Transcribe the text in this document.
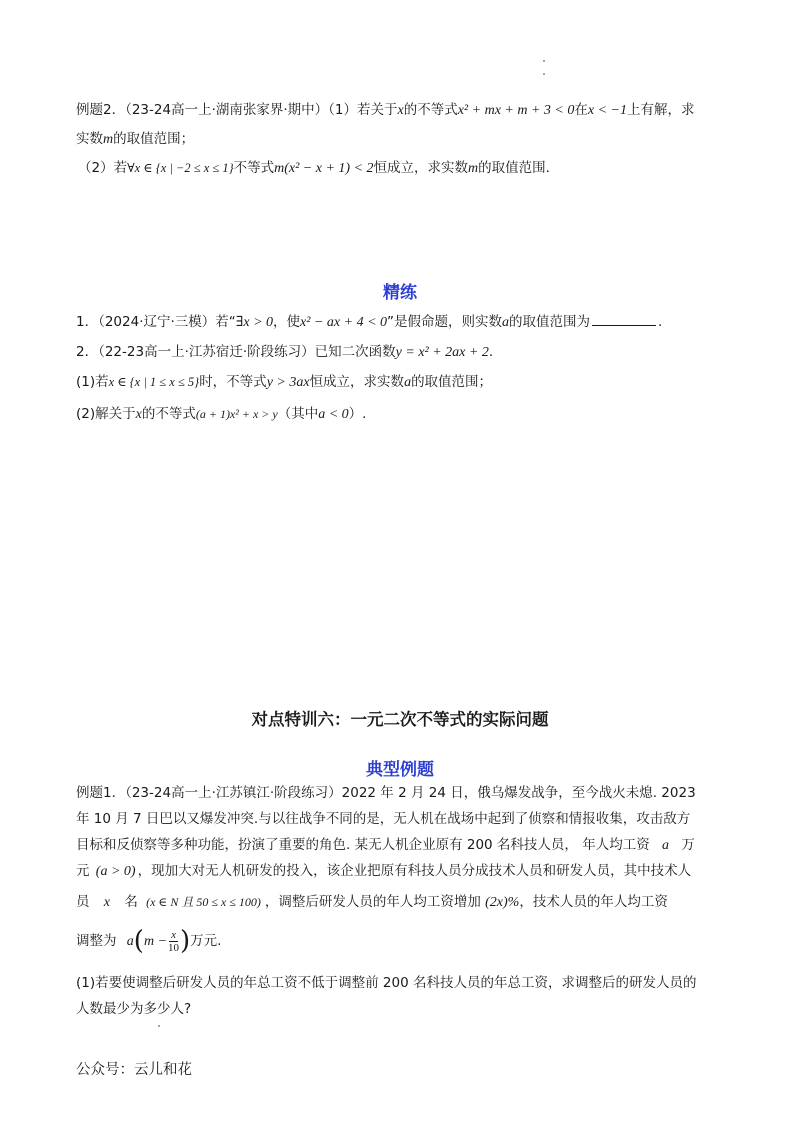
例题2．（23-24高一上·湖南张家界·期中）（1）若关于x的不等式x² + mx + m + 3 < 0在x < −1上有解，求
实数m的取值范围；
（2）若∀x ∈ {x | −2 ≤ x ≤ 1}不等式m(x² − x + 1) < 2恒成立，求实数m的取值范围.
精练
1．（2024·辽宁·三模）若“∃x > 0，使x² − ax + 4 < 0”是假命题，则实数a的取值范围为	.
2．（22-23高一上·江苏宿迁·阶段练习）已知二次函数y = x² + 2ax + 2.
(1)若x ∈ {x | 1 ≤ x ≤ 5}时，不等式y > 3ax恒成立，求实数a的取值范围；
(2)解关于x的不等式(a + 1)x² + x > y（其中a < 0）.
对点特训六：一元二次不等式的实际问题
典型例题
例题1．（23-24高一上·江苏镇江·阶段练习）2022 年 2 月 24 日，俄乌爆发战争，至今战火未熄. 2023
年 10 月 7 日巴以又爆发冲突.与以往战争不同的是，无人机在战场中起到了侦察和情报收集，攻击敌方
目标和反侦察等多种功能，扮演了重要的角色. 某无人机企业原有 200 名科技人员， 年人均工资 a 万
元 (a > 0) ，现加大对无人机研发的投入，该企业把原有科技人员分成技术人员和研发人员，其中技术人
员 x 名 (x ∈ N 且 50 ≤ x ≤ 100) ，调整后研发人员的年人均工资增加 (2x)%，技术人员的年人均工资
调整为 $a(m - \frac{x}{10}$ )万元.
(1)若要使调整后研发人员的年总工资不低于调整前 200 名科技人员的年总工资，求调整后的研发人员的
人数最少为多少人?
公众号：云儿和花
